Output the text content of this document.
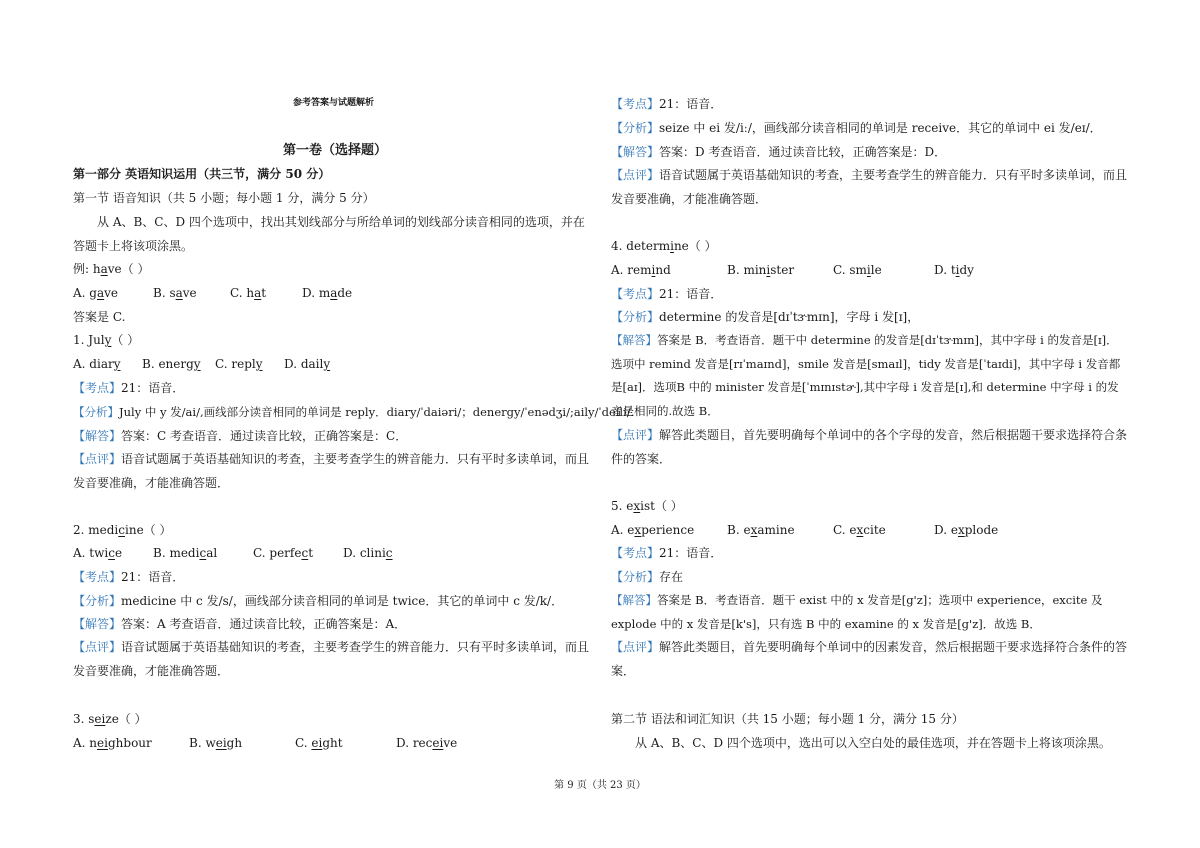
参考答案与试题解析
第一卷（选择题）
第一部分 英语知识运用（共三节，满分 50 分）
第一节 语音知识（共 5 小题；每小题 1 分，满分 5 分）
从 A、B、C、D 四个选项中，找出其划线部分与所给单词的划线部分读音相同的选项，并在
答题卡上将该项涂黑。
例: have（ ）
A. gave	B. save	C. hat	D. made
答案是 C.
1. July（ ）
A. diary B. energy C. reply D. daily
【考点】21：语音．
【分析】July 中 y 发/ai/,画线部分读音相同的单词是 reply．diary/ˈdaiəri/；denergy/ˈenədʒi/;aily/ˈdeili/.
【解答】答案：C 考查语音．通过读音比较，正确答案是：C．
【点评】语音试题属于英语基础知识的考查，主要考查学生的辨音能力．只有平时多读单词，而且发音要准确，才能准确答题．
2. medicine（ ）
A. twice	B. medical	C. perfect D. clinic
【考点】21：语音．
【分析】medicine 中 c 发/s/，画线部分读音相同的单词是 twice．其它的单词中 c 发/k/．
【解答】答案：A 考查语音．通过读音比较，正确答案是：A．
【点评】语音试题属于英语基础知识的考查，主要考查学生的辨音能力．只有平时多读单词，而且发音要准确，才能准确答题．
3. seize（ ）
A. neighbour	B. weigh	C. eight	D. receive
【考点】21：语音．
【分析】seize 中 ei 发/iː/，画线部分读音相同的单词是 receive．其它的单词中 ei 发/eɪ/．
【解答】答案：D 考查语音．通过读音比较，正确答案是：D．
【点评】语音试题属于英语基础知识的考查，主要考查学生的辨音能力．只有平时多读单词，而且发音要准确，才能准确答题．
4. determine（ ）
A. remind	B. minister	C. smile	D. tidy
【考点】21：语音．
【分析】determine 的发音是[dɪˈtɝmɪn]，字母 i 发[ɪ]，
【解答】答案是 B．考查语音．题干中 determine 的发音是[dɪˈtɝmɪn]，其中字母 i 的发音是[ɪ]．选项中 remind 发音是[rɪˈmaɪnd]，smile 发音是[smaɪl]，tidy 发音是[ˈtaɪdi]，其中字母 i 发音都是[aɪ]．选项B 中的 minister 发音是[ˈmɪnɪstɚ],其中字母 i 发音是[ɪ],和 determine 中字母 i 的发音是相同的.故选 B．
【点评】解答此类题目，首先要明确每个单词中的各个字母的发音，然后根据题干要求选择符合条件的答案．
5. exist（ ）
A. experience	B. examine	C. excite	D. explode
【考点】21：语音．
【分析】存在
【解答】答案是 B．考查语音．题干 exist 中的 x 发音是[g'z]；选项中 experience，excite 及 explode 中的 x 发音是[k's]，只有选 B 中的 examine 的 x 发音是[g'z]．故选 B．
【点评】解答此类题目，首先要明确每个单词中的因素发音，然后根据题干要求选择符合条件的答案．
第二节 语法和词汇知识（共 15 小题；每小题 1 分，满分 15 分）
从 A、B、C、D 四个选项中，选出可以入空白处的最佳选项，并在答题卡上将该项涂黑。
第 9 页（共 23 页）
